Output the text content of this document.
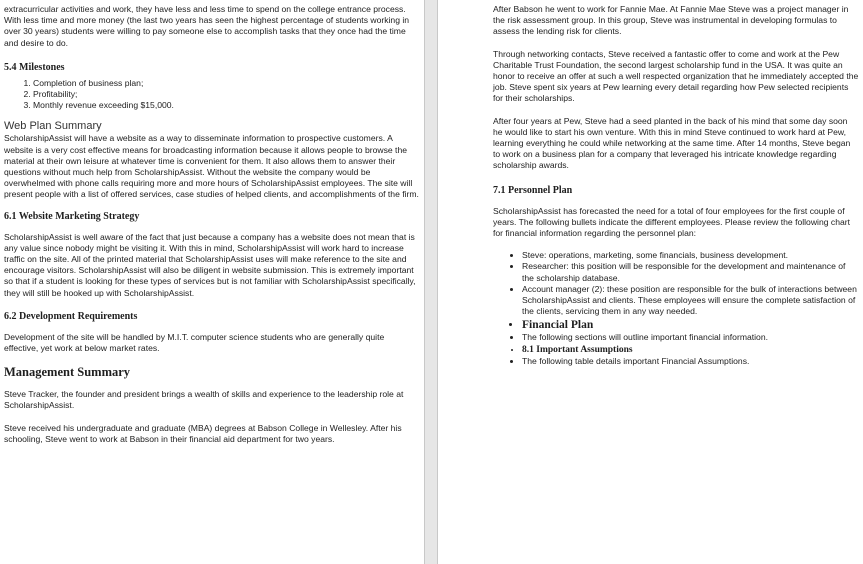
extracurricular activities and work, they have less and less time to spend on the college entrance process. With less time and more money (the last two years has seen the highest percentage of students working in over 30 years) students were willing to pay someone else to accomplish tasks that they once had the time and desire to do.

5.4 Milestones
1. Completion of business plan;
2. Profitability;
3. Monthly revenue exceeding $15,000.
Web Plan Summary

ScholarshipAssist will have a website as a way to disseminate information to prospective customers. A website is a very cost effective means for broadcasting information because it allows people to browse the material at their own leisure at whatever time is convenient for them. It also allows them to answer their questions without much help from ScholarshipAssist. Without the website the company would be overwhelmed with phone calls requiring more and more hours of ScholarshipAssist employees. The site will present people with a list of offered services, case studies of helped clients, and accomplishments of the firm.

6.1 Website Marketing Strategy

ScholarshipAssist is well aware of the fact that just because a company has a website does not mean that is any value since nobody might be visiting it. With this in mind, ScholarshipAssist will work hard to increase traffic on the site. All of the printed material that ScholarshipAssist uses will make reference to the site and encourage visitors. ScholarshipAssist will also be diligent in website submission. This is extremely important so that if a student is looking for these types of services but is not familiar with ScholarshipAssist specifically, they will still be hooked up with ScholarshipAssist.

6.2 Development Requirements

Development of the site will be handled by M.I.T. computer science students who are generally quite effective, yet work at below market rates.

Management Summary

Steve Tracker, the founder and president brings a wealth of skills and experience to the leadership role at ScholarshipAssist.

Steve received his undergraduate and graduate (MBA) degrees at Babson College in Wellesley. After his schooling, Steve went to work at Babson in their financial aid department for two years.

After Babson he went to work for Fannie Mae. At Fannie Mae Steve was a project manager in the risk assessment group. In this group, Steve was instrumental in developing formulas to assess the lending risk for clients.

Through networking contacts, Steve received a fantastic offer to come and work at the Pew Charitable Trust Foundation, the second largest scholarship fund in the USA. It was quite an honor to receive an offer at such a well respected organization that he immediately accepted the job. Steve spent six years at Pew learning every detail regarding how Pew selected recipients for their scholarships.

After four years at Pew, Steve had a seed planted in the back of his mind that some day soon he would like to start his own venture. With this in mind Steve continued to work hard at Pew, learning everything he could while networking at the same time. After 14 months, Steve began to work on a business plan for a company that leveraged his intricate knowledge regarding scholarship awards.

7.1 Personnel Plan

ScholarshipAssist has forecasted the need for a total of four employees for the first couple of years. The following bullets indicate the different employees. Please review the following chart for financial information regarding the personnel plan:

• Steve: operations, marketing, some financials, business development.
• Researcher: this position will be responsible for the development and maintenance of the scholarship database.
• Account manager (2): these position are responsible for the bulk of interactions between ScholarshipAssist and clients. These employees will ensure the complete satisfaction of the clients, servicing them in any way needed.
• Financial Plan
• The following sections will outline important financial information.
• 8.1 Important Assumptions
• The following table details important Financial Assumptions.
